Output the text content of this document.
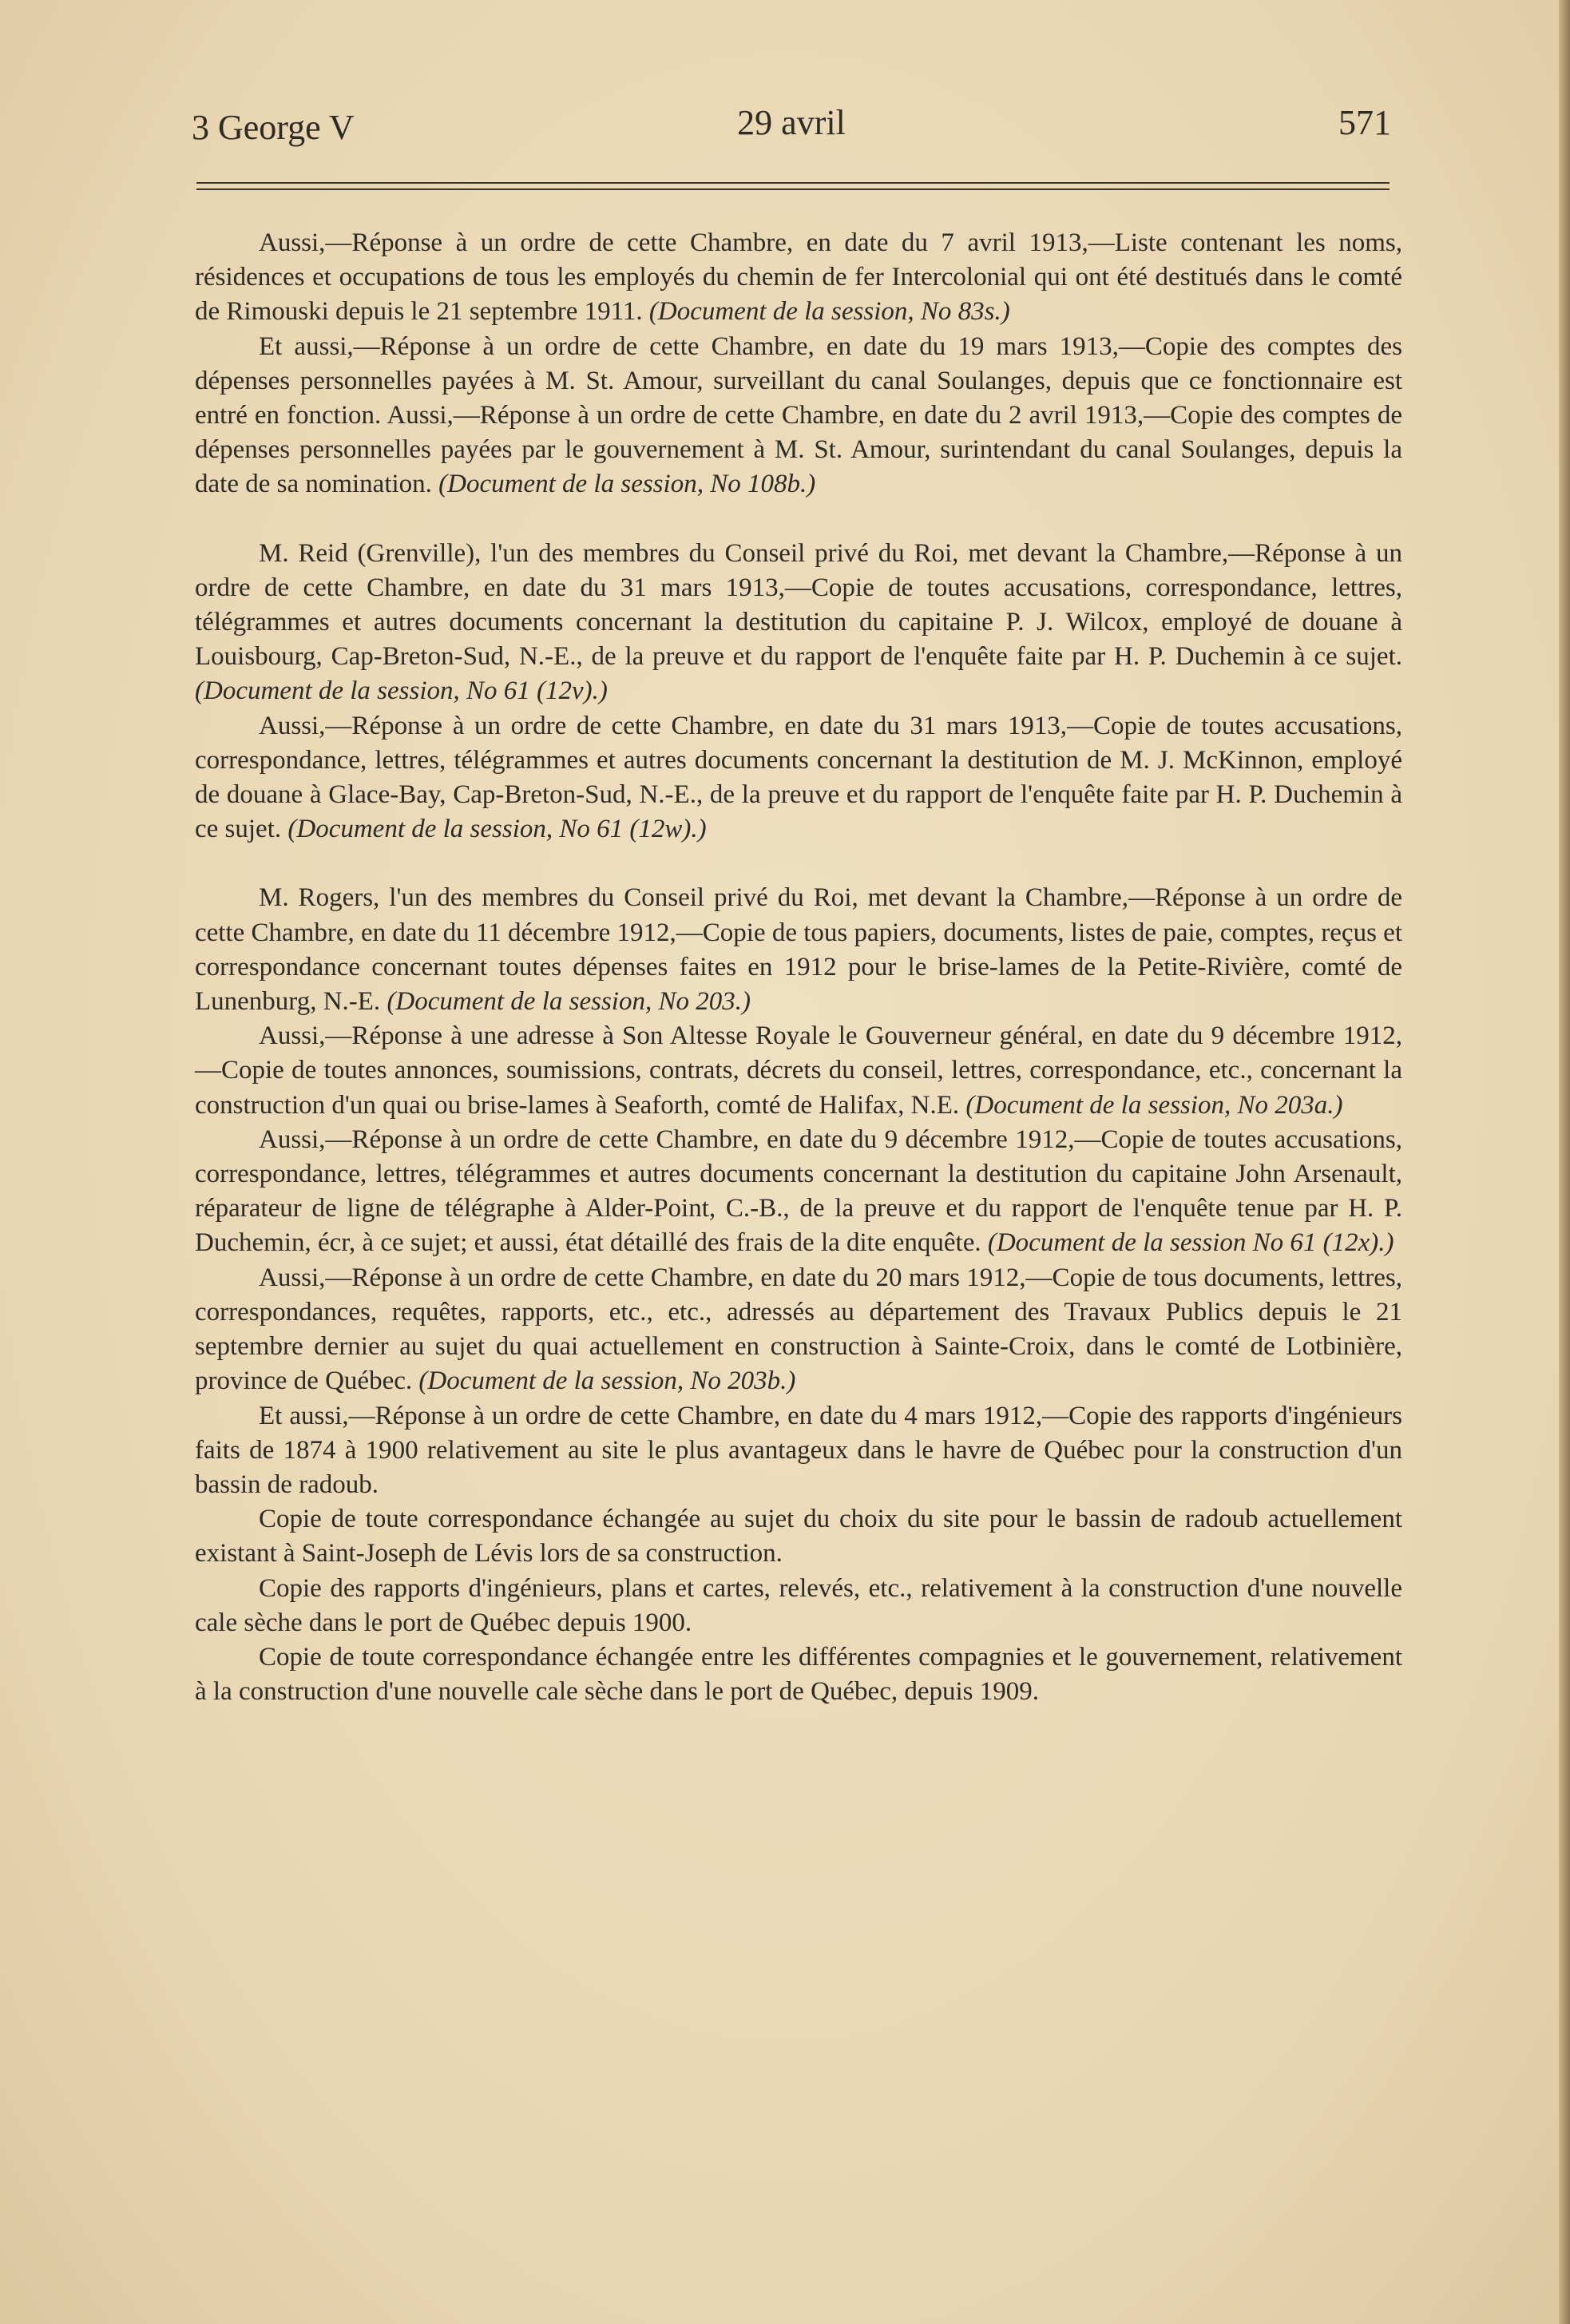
3 George V	29 avril	571

Aussi,—Réponse à un ordre de cette Chambre, en date du 7 avril 1913,—Liste contenant les noms, résidences et occupations de tous les employés du chemin de fer Intercolonial qui ont été destitués dans le comté de Rimouski depuis le 21 septembre 1911. (Document de la session, No 83s.)

Et aussi,—Réponse à un ordre de cette Chambre, en date du 19 mars 1913,—Copie des comptes des dépenses personnelles payées à M. St. Amour, surveillant du canal Soulanges, depuis que ce fonctionnaire est entré en fonction. Aussi,—Réponse à un ordre de cette Chambre, en date du 2 avril 1913,—Copie des comptes de dépenses personnelles payées par le gouvernement à M. St. Amour, surintendant du canal Soulanges, depuis la date de sa nomination. (Document de la session, No 108b.)

M. Reid (Grenville), l'un des membres du Conseil privé du Roi, met devant la Chambre,—Réponse à un ordre de cette Chambre, en date du 31 mars 1913,—Copie de toutes accusations, correspondance, lettres, télégrammes et autres documents concernant la destitution du capitaine P. J. Wilcox, employé de douane à Louisbourg, Cap-Breton-Sud, N.-E., de la preuve et du rapport de l'enquête faite par H. P. Duchemin à ce sujet. (Document de la session, No 61 (12v).)

Aussi,—Réponse à un ordre de cette Chambre, en date du 31 mars 1913,—Copie de toutes accusations, correspondance, lettres, télégrammes et autres documents concernant la destitution de M. J. McKinnon, employé de douane à Glace-Bay, Cap-Breton-Sud, N.-E., de la preuve et du rapport de l'enquête faite par H. P. Duchemin à ce sujet. (Document de la session, No 61 (12w).)

M. Rogers, l'un des membres du Conseil privé du Roi, met devant la Chambre,—Réponse à un ordre de cette Chambre, en date du 11 décembre 1912,—Copie de tous papiers, documents, listes de paie, comptes, reçus et correspondance concernant toutes dépenses faites en 1912 pour le brise-lames de la Petite-Rivière, comté de Lunenburg, N.-E. (Document de la session, No 203.)

Aussi,—Réponse à une adresse à Son Altesse Royale le Gouverneur général, en date du 9 décembre 1912,—Copie de toutes annonces, soumissions, contrats, décrets du conseil, lettres, correspondance, etc., concernant la construction d'un quai ou brise-lames à Seaforth, comté de Halifax, N.E. (Document de la session, No 203a.)

Aussi,—Réponse à un ordre de cette Chambre, en date du 9 décembre 1912,—Copie de toutes accusations, correspondance, lettres, télégrammes et autres documents concernant la destitution du capitaine John Arsenault, réparateur de ligne de télégraphe à Alder-Point, C.-B., de la preuve et du rapport de l'enquête tenue par H. P. Duchemin, écr, à ce sujet; et aussi, état détaillé des frais de la dite enquête. (Document de la session No 61 (12x).)

Aussi,—Réponse à un ordre de cette Chambre, en date du 20 mars 1912,—Copie de tous documents, lettres, correspondances, requêtes, rapports, etc., etc., adressés au département des Travaux Publics depuis le 21 septembre dernier au sujet du quai actuellement en construction à Sainte-Croix, dans le comté de Lotbinière, province de Québec. (Document de la session, No 203b.)

Et aussi,—Réponse à un ordre de cette Chambre, en date du 4 mars 1912,—Copie des rapports d'ingénieurs faits de 1874 à 1900 relativement au site le plus avantageux dans le havre de Québec pour la construction d'un bassin de radoub.

Copie de toute correspondance échangée au sujet du choix du site pour le bassin de radoub actuellement existant à Saint-Joseph de Lévis lors de sa construction.

Copie des rapports d'ingénieurs, plans et cartes, relevés, etc., relativement à la construction d'une nouvelle cale sèche dans le port de Québec depuis 1900.

Copie de toute correspondance échangée entre les différentes compagnies et le gouvernement, relativement à la construction d'une nouvelle cale sèche dans le port de Québec, depuis 1909.
